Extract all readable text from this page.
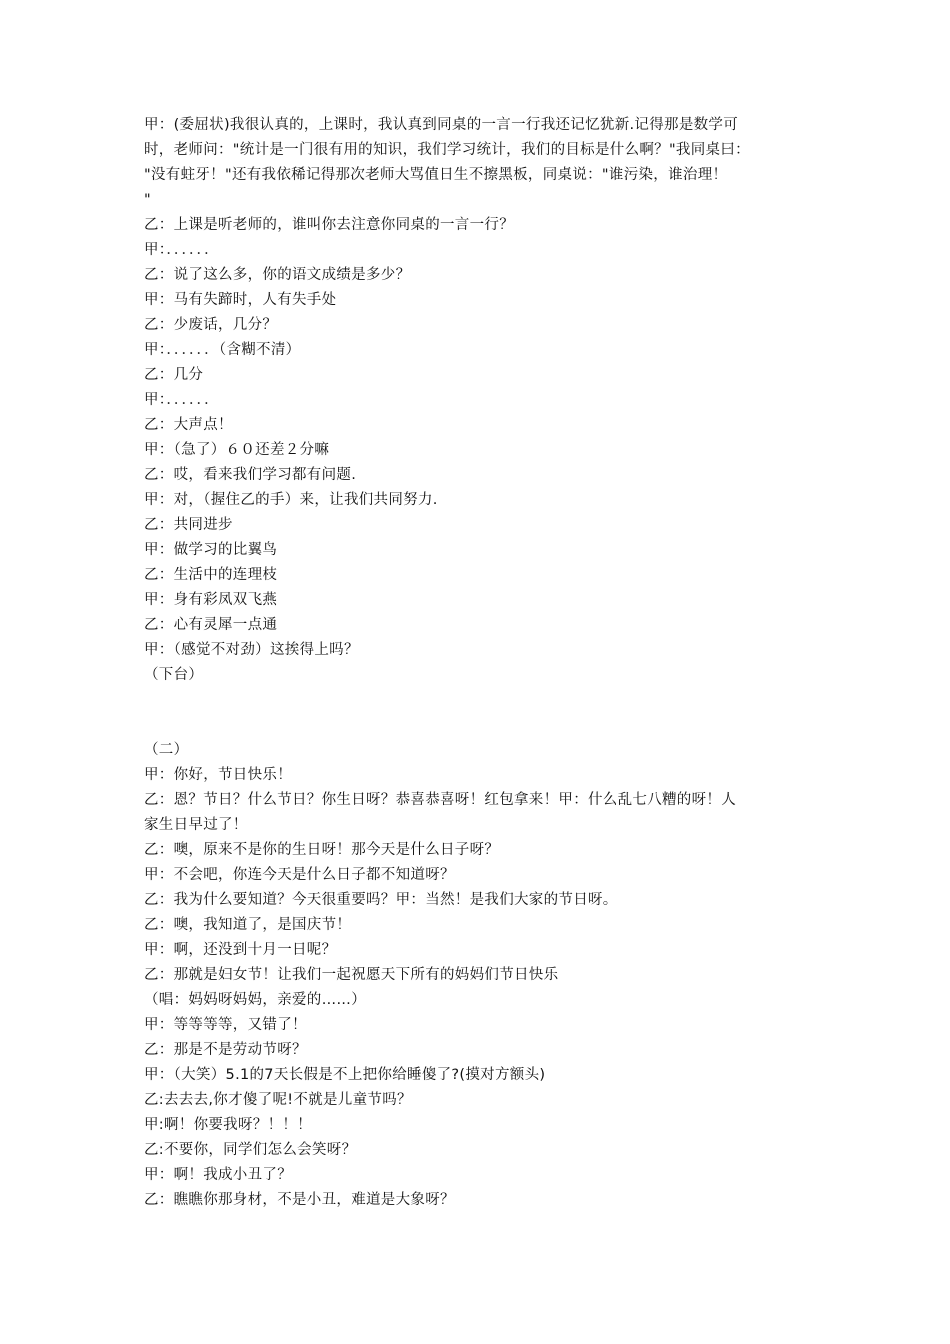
甲：(委屈状)我很认真的，上课时，我认真到同桌的一言一行我还记忆犹新.记得那是数学可
时，老师问："统计是一门很有用的知识，我们学习统计，我们的目标是什么啊？"我同桌曰：
"没有蛀牙！"还有我依稀记得那次老师大骂值日生不擦黑板，同桌说："谁污染，谁治理！
"
乙：上课是听老师的，谁叫你去注意你同桌的一言一行？
甲：．．．．．．
乙：说了这么多，你的语文成绩是多少？
甲：马有失蹄时，人有失手处
乙：少废话，几分？
甲：．．．．．．（含糊不清）
乙：几分
甲：．．．．．．
乙：大声点！
甲：（急了）６０还差２分嘛
乙：哎，看来我们学习都有问题.
甲：对，（握住乙的手）来，让我们共同努力.
乙：共同进步
甲：做学习的比翼鸟
乙：生活中的连理枝
甲：身有彩凤双飞燕
乙：心有灵犀一点通
甲：（感觉不对劲）这挨得上吗？
（下台）
（二）
甲：你好，节日快乐！
乙：恩？节日？什么节日？你生日呀？恭喜恭喜呀！红包拿来！甲：什么乱七八糟的呀！人
家生日早过了！
乙：噢，原来不是你的生日呀！那今天是什么日子呀？
甲：不会吧，你连今天是什么日子都不知道呀？
乙：我为什么要知道？今天很重要吗？甲：当然！是我们大家的节日呀。
乙：噢，我知道了，是国庆节！
甲：啊，还没到十月一日呢？
乙：那就是妇女节！让我们一起祝愿天下所有的妈妈们节日快乐
（唱：妈妈呀妈妈，亲爱的……）
甲：等等等等，又错了！
乙：那是不是劳动节呀？
甲：（大笑）5.1的7天长假是不上把你给睡傻了?(摸对方额头)
乙:去去去,你才傻了呢!不就是儿童节吗？
甲:啊！你要我呀？！！！
乙:不要你，同学们怎么会笑呀？
甲：啊！我成小丑了？
乙：瞧瞧你那身材，不是小丑，难道是大象呀？
